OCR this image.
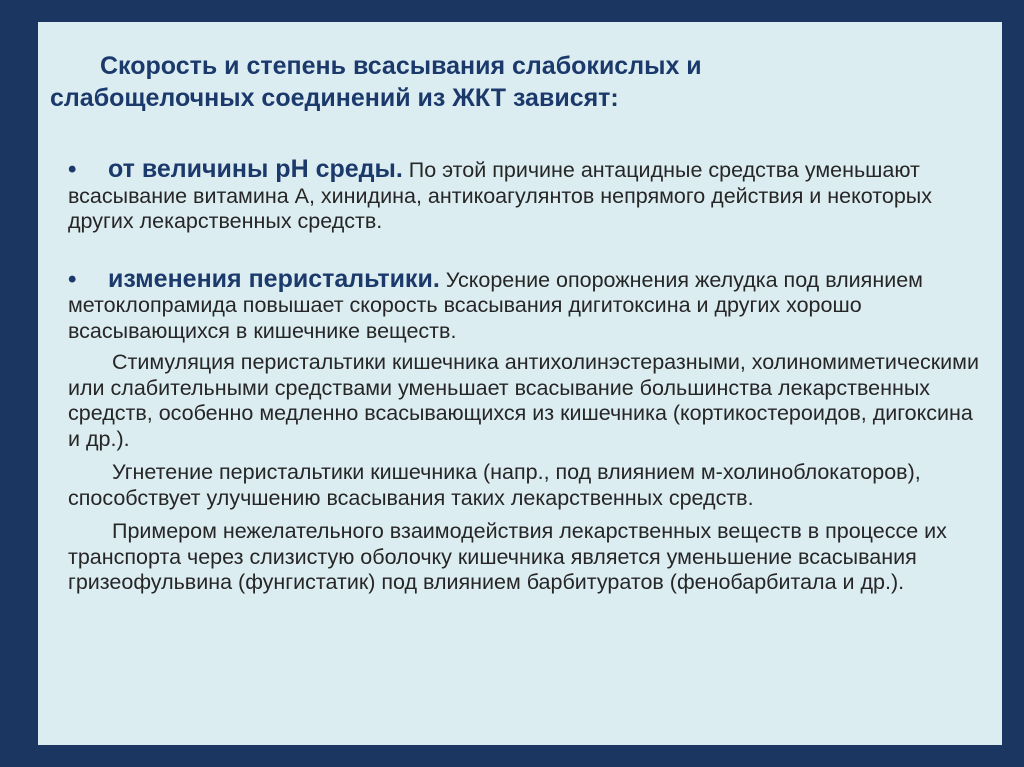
Скорость и степень всасывания слабокислых и
слабощелочных соединений из ЖКТ зависят:

• от величины рН среды. По этой причине антацидные средства уменьшают всасывание витамина А, хинидина, антикоагулянтов непрямого действия и некоторых других лекарственных средств.

• изменения перистальтики. Ускорение опорожнения желудка под влиянием метоклопрамида повышает скорость всасывания дигитоксина и других хорошо всасывающихся в кишечнике веществ.

Стимуляция перистальтики кишечника антихолинэстеразными, холиномиметическими или слабительными средствами уменьшает всасывание большинства лекарственных средств, особенно медленно всасывающихся из кишечника (кортикостероидов, дигоксина и др.).

Угнетение перистальтики кишечника (напр., под влиянием м-холиноблокаторов), способствует улучшению всасывания таких лекарственных средств.

Примером нежелательного взаимодействия лекарственных веществ в процессе их транспорта через слизистую оболочку кишечника является уменьшение всасывания гризеофульвина (фунгистатик) под влиянием барбитуратов (фенобарбитала и др.).
